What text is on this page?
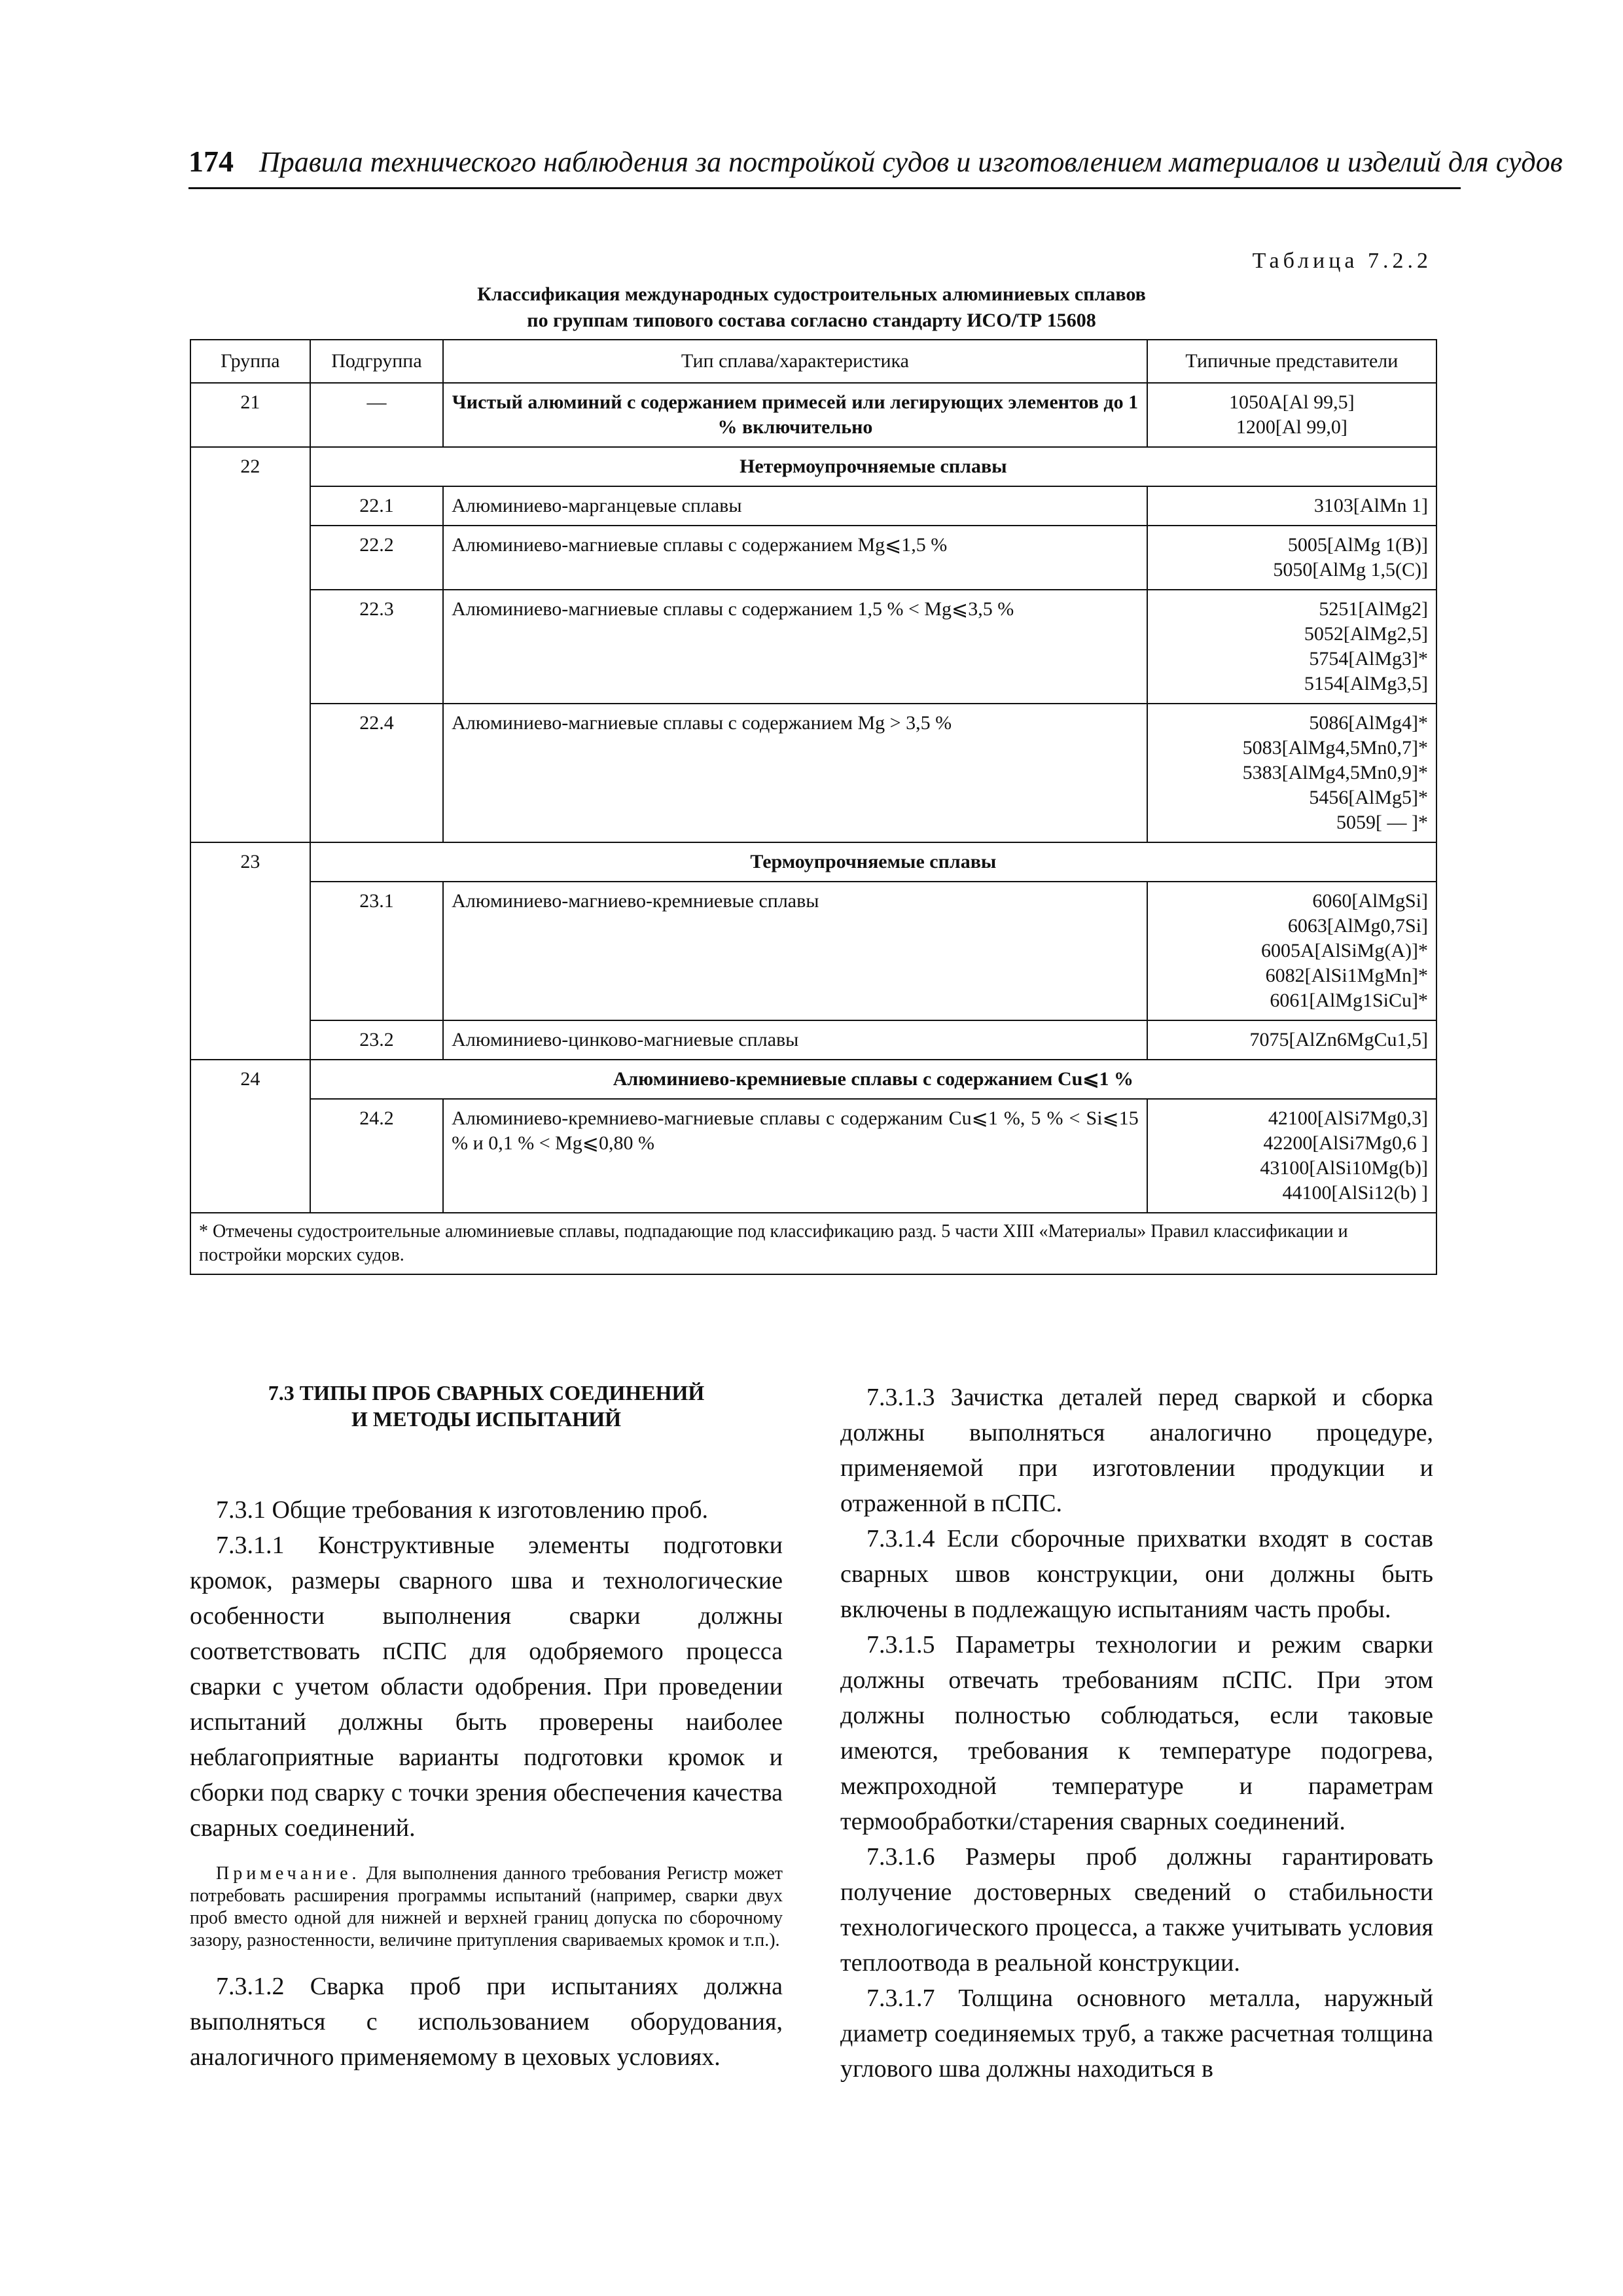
174 Правила технического наблюдения за постройкой судов и изготовлением материалов и изделий для судов
Таблица 7.2.2
Классификация международных судостроительных алюминиевых сплавов
по группам типового состава согласно стандарту ИСО/ТР 15608
Группа	Подгруппа	Тип сплава/характеристика	Типичные представители
21	—	Чистый алюминий с содержанием примесей или легирующих элементов до 1 % включительно	1050A[Al 99,5]
1200[Al 99,0]

22	Нетермоупрочняемые сплавы		
	22.1	Алюминиево-марганцевые сплавы	3103[AlMn 1]

	22.2	Алюминиево-магниевые сплавы с содержанием Mg⩽1,5 %	5005[AlMg 1(B)]
5050[AlMg 1,5(C)]

	22.3	Алюминиево-магниевые сплавы с содержанием 1,5 % < Mg⩽3,5 %	5251[AlMg2]
5052[AlMg2,5]
5754[AlMg3]*
5154[AlMg3,5]

	22.4	Алюминиево-магниевые сплавы с содержанием Mg > 3,5 %	5086[AlMg4]*
5083[AlMg4,5Mn0,7]*
5383[AlMg4,5Mn0,9]*
5456[AlMg5]*
5059[ — ]*

23	Термоупрочняемые сплавы		
	23.1	Алюминиево-магниево-кремниевые сплавы	6060[AlMgSi]
6063[AlMg0,7Si]
6005A[AlSiMg(A)]*
6082[AlSi1MgMn]*
6061[AlMg1SiCu]*

	23.2	Алюминиево-цинково-магниевые сплавы	7075[AlZn6MgCu1,5]

24	Алюминиево-кремниевые сплавы с содержанием Cu⩽1 %		
	24.2	Алюминиево-кремниево-магниевые сплавы с содержаним Cu⩽1 %, 5 % < Si⩽15 % и 0,1 % < Mg⩽0,80 %	42100[AlSi7Mg0,3]
42200[AlSi7Mg0,6 ]
43100[AlSi10Mg(b)]
44100[AlSi12(b) ]

* Отмечены судостроительные алюминиевые сплавы, подпадающие под классификацию разд. 5 части XIII «Материалы» Правил классификации и постройки морских судов.			
7.3 ТИПЫ ПРОБ СВАРНЫХ СОЕДИНЕНИЙ
И МЕТОДЫ ИСПЫТАНИЙ

7.3.1 Общие требования к изготовлению проб.

7.3.1.1 Конструктивные элементы подготовки кромок, размеры сварного шва и технологические особенности выполнения сварки должны соответствовать пСПС для одобряемого процесса сварки с учетом области одобрения. При проведении испытаний должны быть проверены наиболее неблагоприятные варианты подготовки кромок и сборки под сварку с точки зрения обеспечения качества сварных соединений.

Примечание. Для выполнения данного требования Регистр может потребовать расширения программы испытаний (например, сварки двух проб вместо одной для нижней и верхней границ допуска по сборочному зазору, разностенности, величине притупления свариваемых кромок и т.п.).

7.3.1.2 Сварка проб при испытаниях должна выполняться с использованием оборудования, аналогичного применяемому в цеховых условиях.

7.3.1.3 Зачистка деталей перед сваркой и сборка должны выполняться аналогично процедуре, применяемой при изготовлении продукции и отраженной в пСПС.

7.3.1.4 Если сборочные прихватки входят в состав сварных швов конструкции, они должны быть включены в подлежащую испытаниям часть пробы.

7.3.1.5 Параметры технологии и режим сварки должны отвечать требованиям пСПС. При этом должны полностью соблюдаться, если таковые имеются, требования к температуре подогрева, межпроходной температуре и параметрам термообработки/старения сварных соединений.

7.3.1.6 Размеры проб должны гарантировать получение достоверных сведений о стабильности технологического процесса, а также учитывать условия теплоотвода в реальной конструкции.

7.3.1.7 Толщина основного металла, наружный диаметр соединяемых труб, а также расчетная толщина углового шва должны находиться в
